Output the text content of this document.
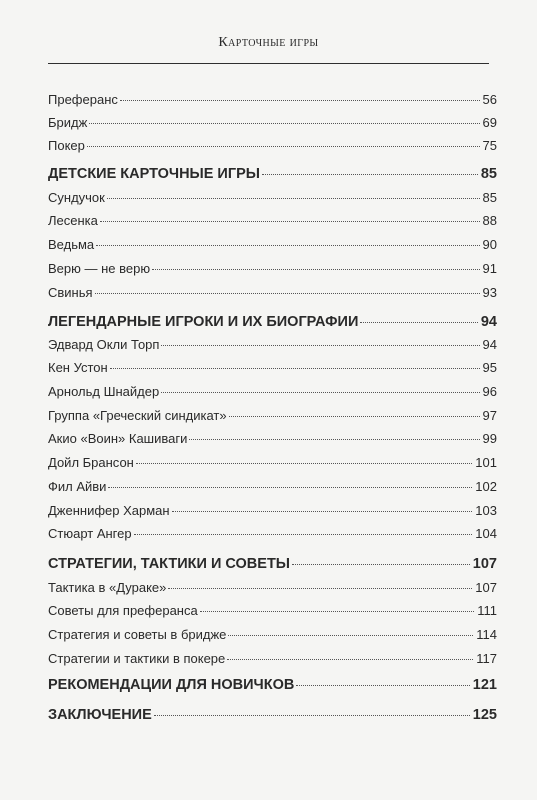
Карточные игры
Преферанс	56
Бридж	69
Покер	75
ДЕТСКИЕ КАРТОЧНЫЕ ИГРЫ	85
Сундучок	85
Лесенка	88
Ведьма	90
Верю — не верю	91
Свинья	93
ЛЕГЕНДАРНЫЕ ИГРОКИ И ИХ БИОГРАФИИ	94
Эдвард Окли Торп	94
Кен Устон	95
Арнольд Шнайдер	96
Группа «Греческий синдикат»	97
Акио «Воин» Кашиваги	99
Дойл Брансон	101
Фил Айви	102
Дженнифер Харман	103
Стюарт Ангер	104
СТРАТЕГИИ, ТАКТИКИ И СОВЕТЫ	107
Тактика в «Дураке»	107
Советы для преферанса	111
Стратегия и советы в бридже	114
Стратегии и тактики в покере	117
РЕКОМЕНДАЦИИ ДЛЯ НОВИЧКОВ	121
ЗАКЛЮЧЕНИЕ	125
